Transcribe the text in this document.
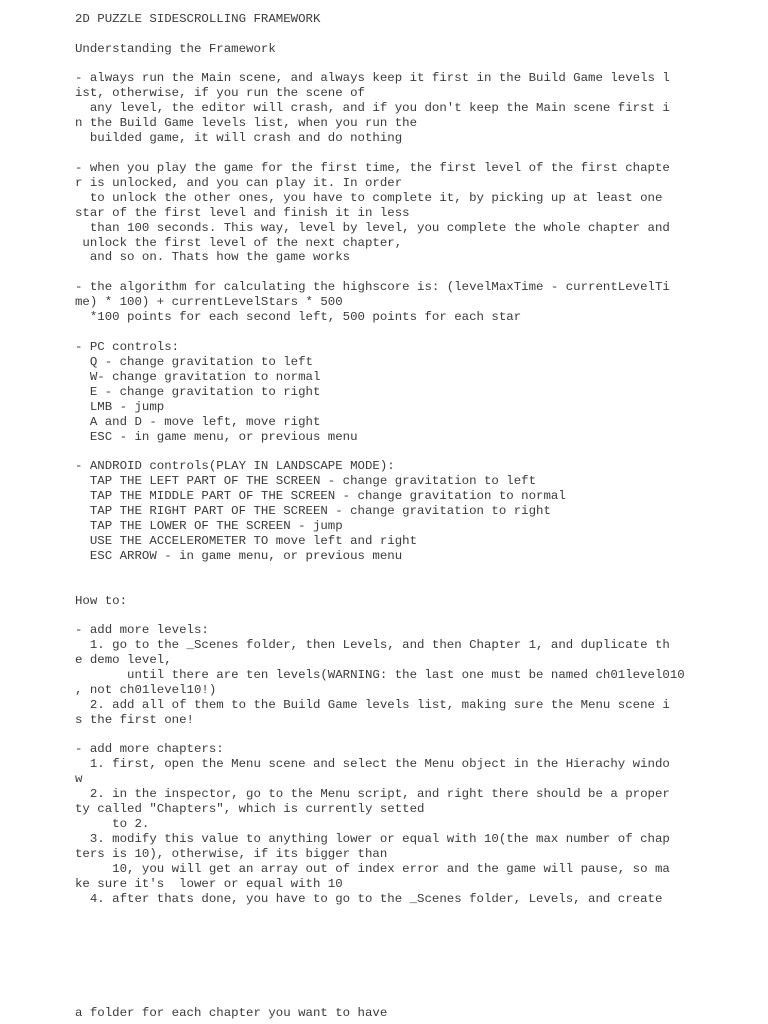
2D PUZZLE SIDESCROLLING FRAMEWORK

Understanding the Framework

- always run the Main scene, and always keep it first in the Build Game levels l

ist, otherwise, if you run the scene of

any level, the editor will crash, and if you don't keep the Main scene first i

n the Build Game levels list, when you run the

builded game, it will crash and do nothing

- when you play the game for the first time, the first level of the first chapte

r is unlocked, and you can play it. In order

to unlock the other ones, you have to complete it, by picking up at least one

star of the first level and finish it in less

than 100 seconds. This way, level by level, you complete the whole chapter and

unlock the first level of the next chapter,

and so on. Thats how the game works

- the algorithm for calculating the highscore is: (levelMaxTime - currentLevelTi

me) * 100) + currentLevelStars * 500

*100 points for each second left, 500 points for each star

- PC controls:

Q - change gravitation to left

W- change gravitation to normal

E - change gravitation to right

LMB - jump

A and D - move left, move right

ESC - in game menu, or previous menu

- ANDROID controls(PLAY IN LANDSCAPE MODE):

TAP THE LEFT PART OF THE SCREEN - change gravitation to left

TAP THE MIDDLE PART OF THE SCREEN - change gravitation to normal

TAP THE RIGHT PART OF THE SCREEN - change gravitation to right

TAP THE LOWER OF THE SCREEN - jump

USE THE ACCELEROMETER TO move left and right

ESC ARROW - in game menu, or previous menu

How to:

- add more levels:

1. go to the _Scenes folder, then Levels, and then Chapter 1, and duplicate th

e demo level,

until there are ten levels(WARNING: the last one must be named ch01level010

, not ch01level10!)

2. add all of them to the Build Game levels list, making sure the Menu scene i

s the first one!

- add more chapters:

1. first, open the Menu scene and select the Menu object in the Hierachy windo

w

2. in the inspector, go to the Menu script, and right there should be a proper

ty called "Chapters", which is currently setted

to 2.

3. modify this value to anything lower or equal with 10(the max number of chap

ters is 10), otherwise, if its bigger than

10, you will get an array out of index error and the game will pause, so ma

ke sure it's  lower or equal with 10

4. after thats done, you have to go to the _Scenes folder, Levels, and create

a folder for each chapter you want to have
